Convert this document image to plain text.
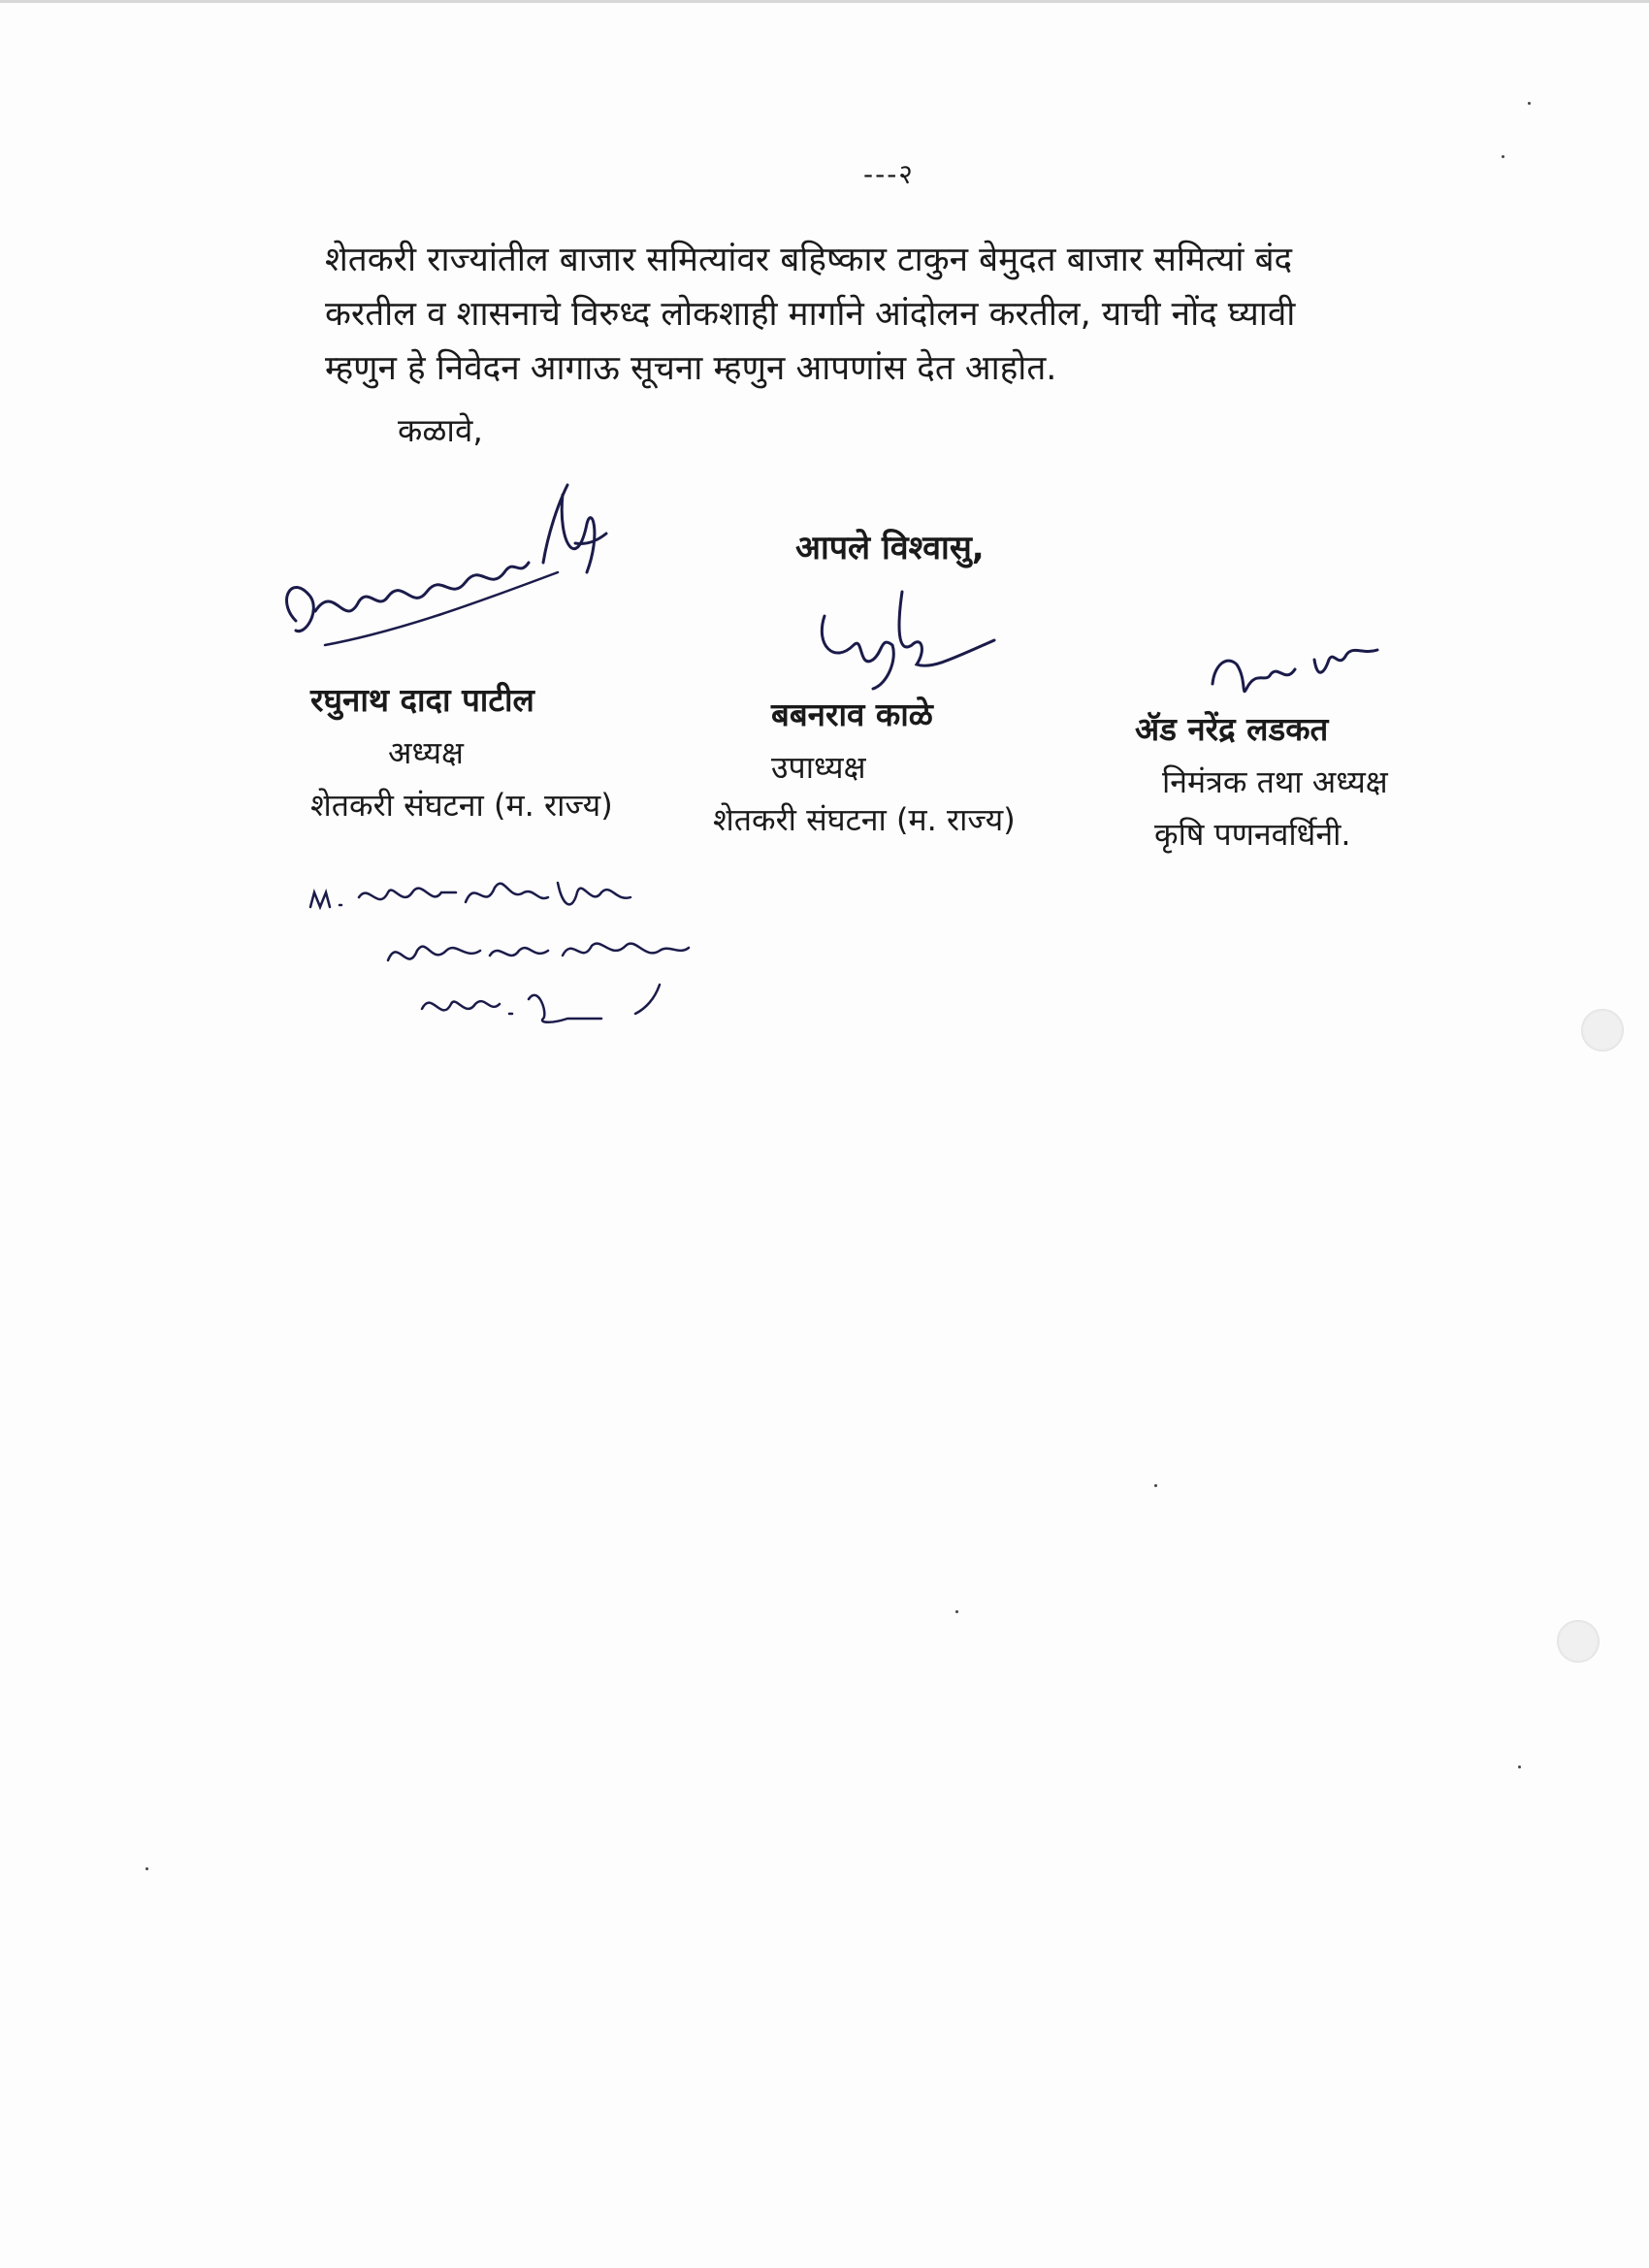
---२

शेतकरी राज्यांतील बाजार समित्यांवर बहिष्कार टाकुन बेमुदत बाजार समित्यां बंद
करतील व शासनाचे विरुध्द लोकशाही मार्गाने आंदोलन करतील, याची नोंद घ्यावी
म्हणुन हे निवेदन आगाऊ सूचना म्हणुन आपणांस देत आहोत.

कळावे,
आपले विश्‍वासु,
रघुनाथ दादा पाटील
अध्यक्ष
शेतकरी संघटना (म. राज्य)
बबनराव काळे
उपाध्यक्ष
शेतकरी संघटना (म. राज्य)
ॲड नरेंद्र लडकत
निमंत्रक तथा अध्यक्ष
कृषि पणनवर्धिनी.
